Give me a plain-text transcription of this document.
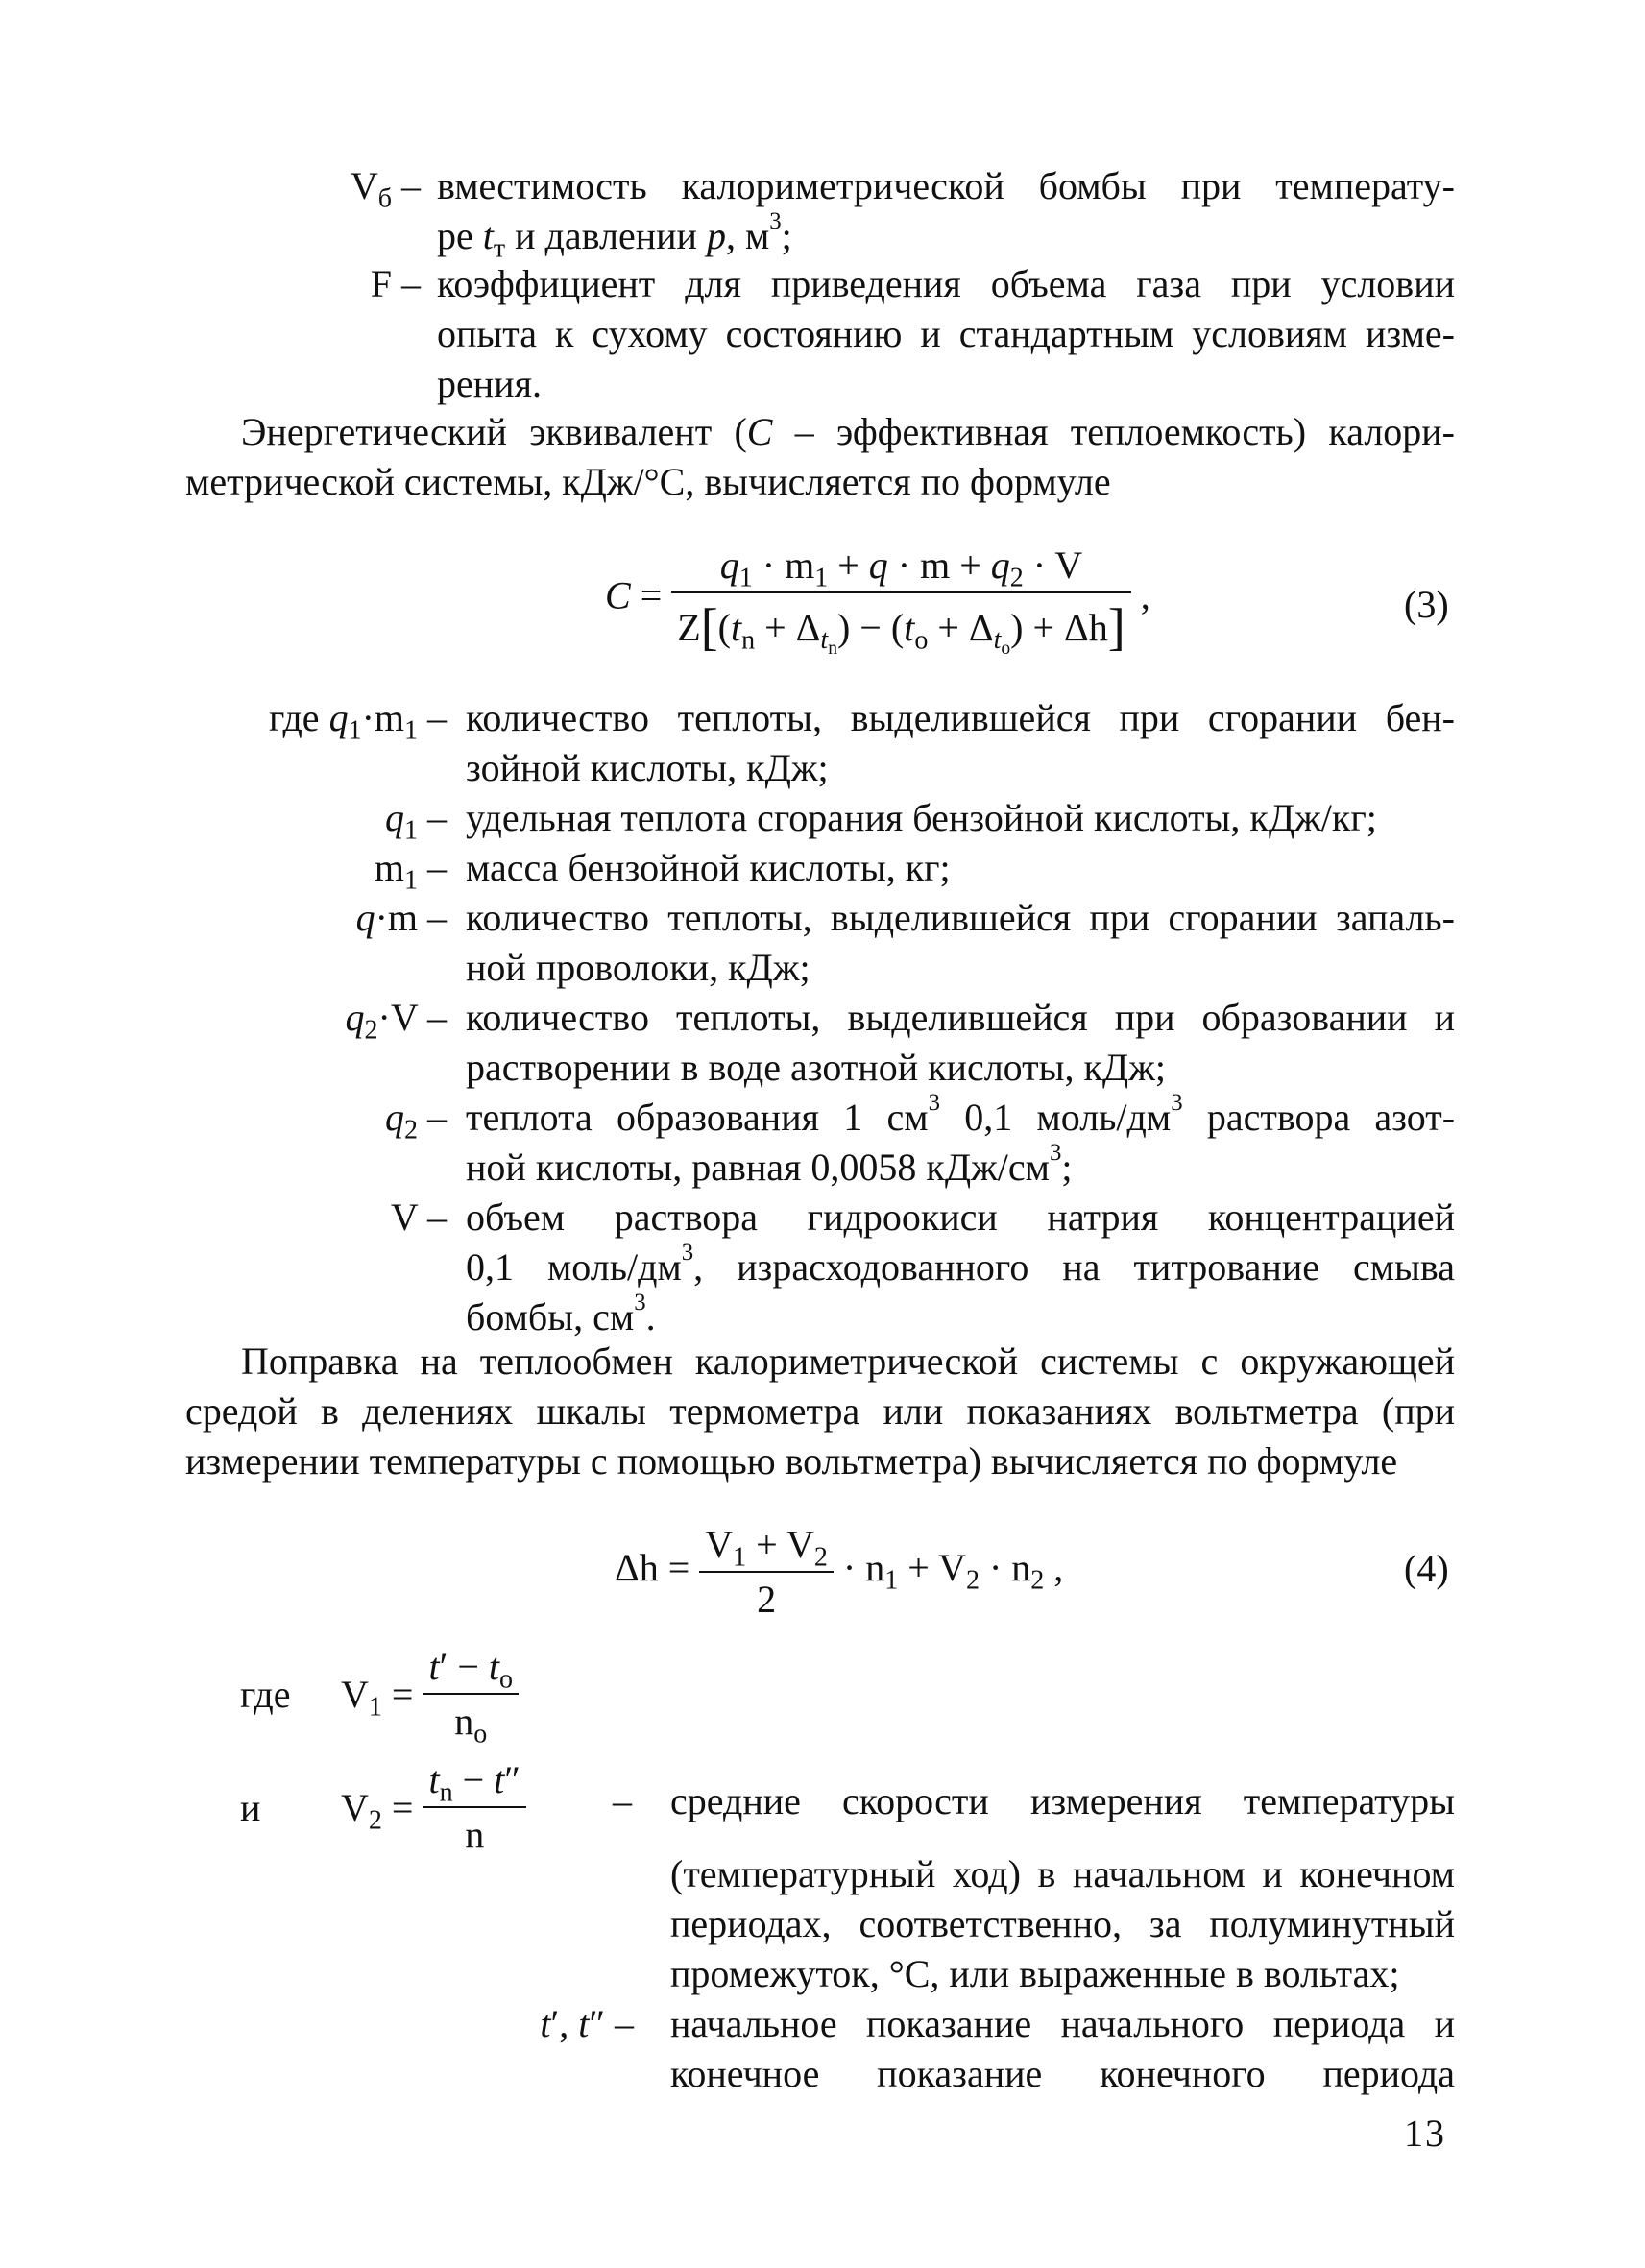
$V_б$ – вместимость калориметрической бомбы при температу-
ре $t_т$ и давлении p, $м^3$;
F – коэффициент для приведения объема газа при условии
опыта к сухому состоянию и стандартным условиям изме-
рения.
Энергетический эквивалент (C – эффективная теплоемкость) калори-
метрической системы, кДж/°С, вычисляется по формуле
$C = \frac{q_1 \cdot m_1 + q \cdot m + q_2 \cdot V}{Z[(t_n + \Delta_{t_n}) - (t_o + \Delta_{t_o}) + \Delta h]}$ ,	(3)
где $q_1\cdot m_1$ – количество теплоты, выделившейся при сгорании бен-
зойной кислоты, кДж;
$q_1$ – удельная теплота сгорания бензойной кислоты, кДж/кг;
$m_1$ – масса бензойной кислоты, кг;
q·m – количество теплоты, выделившейся при сгорании запаль-
ной проволоки, кДж;
$q_2\cdot V$ – количество теплоты, выделившейся при образовании и
растворении в воде азотной кислоты, кДж;
$q_2$ – теплота образования 1 $см^3$ 0,1 моль/$дм^3$ раствора азот-
ной кислоты, равная 0,0058 кДж/$см^3$;
V – объем раствора гидроокиси натрия концентрацией
0,1 моль/$дм^3$, израсходованного на титрование смыва
бомбы, $см^3$.
Поправка на теплообмен калориметрической системы с окружающей
средой в делениях шкалы термометра или показаниях вольтметра (при
измерении температуры с помощью вольтметра) вычисляется по формуле
$\Delta h = \frac{V_1 + V_2}{2} \cdot n_1 + V_2 \cdot n_2$ ,	(4)
где $V_1 = \frac{t' - t_o}{n_o}$
и $V_2 = \frac{t_n - t''}{n}$ – средние скорости измерения температуры
(температурный ход) в начальном и конечном
периодах, соответственно, за полуминутный
промежуток, °С, или выраженные в вольтах;
t′, t″ – начальное показание начального периода и
конечное показание конечного периода
13
